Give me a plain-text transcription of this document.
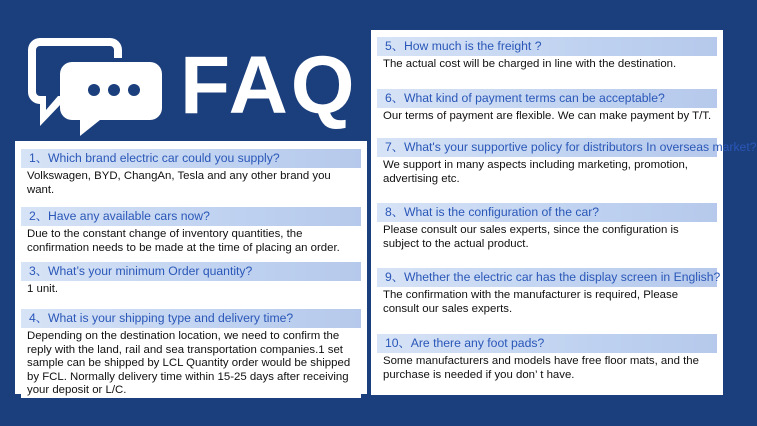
FAQ
1、Which brand electric car could you supply?
Volkswagen, BYD, ChangAn, Tesla and any other brand you want.
2、Have any available cars now?
Due to the constant change of inventory quantities, the confirmation needs to be made at the time of placing an order.
3、What’s your minimum Order quantity?
1 unit.
4、What is your shipping type and delivery time?
Depending on the destination location, we need to confirm the reply with the land, rail and sea transportation companies.1 set sample can be shipped by LCL Quantity order would be shipped by FCL. Normally delivery time within 15-25 days after receiving your deposit or L/C.
5、How much is the freight ?
The actual cost will be charged in line with the destination.
6、What kind of payment terms can be acceptable?
Our terms of payment are flexible. We can make payment by T/T.
7、What's your supportive policy for distributors In overseas market?
We support in many aspects including marketing, promotion, advertising etc.
8、What is the configuration of the car?
Please consult our sales experts, since the configuration is subject to the actual product.
9、Whether the electric car has the display screen in English?
The confirmation with the manufacturer is required, Please consult our sales experts.
10、Are there any foot pads?
Some manufacturers and models have free floor mats, and the purchase is needed if you don’ t have.
